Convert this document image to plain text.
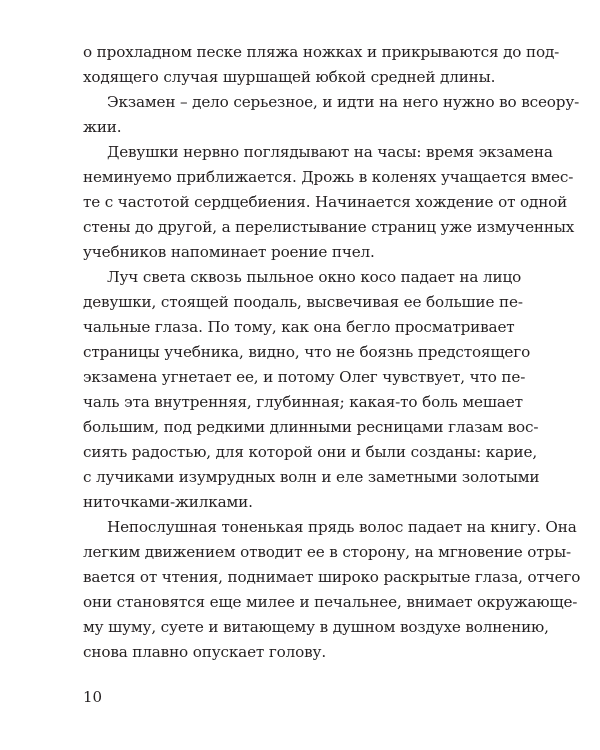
о прохладном песке пляжа ножках и прикрываются до под-
ходящего случая шуршащей юбкой средней длины.
Экзамен – дело серьезное, и идти на него нужно во всеору-
жии.
Девушки нервно поглядывают на часы: время экзамена
неминуемо приближается. Дрожь в коленях учащается вмес-
те с частотой сердцебиения. Начинается хождение от одной
стены до другой, а перелистывание страниц уже измученных
учебников напоминает роение пчел.
Луч света сквозь пыльное окно косо падает на лицо
девушки, стоящей поодаль, высвечивая ее большие пе-
чальные глаза. По тому, как она бегло просматривает
страницы учебника, видно, что не боязнь предстоящего
экзамена угнетает ее, и потому Олег чувствует, что пе-
чаль эта внутренняя, глубинная; какая-то боль мешает
большим, под редкими длинными ресницами глазам вос-
сиять радостью, для которой они и были созданы: карие,
с лучиками изумрудных волн и еле заметными золотыми
ниточками-жилками.
Непослушная тоненькая прядь волос падает на книгу. Она
легким движением отводит ее в сторону, на мгновение отры-
вается от чтения, поднимает широко раскрытые глаза, отчего
они становятся еще милее и печальнее, внимает окружающе-
му шуму, суете и витающему в душном воздухе волнению,
снова плавно опускает голову.
10
